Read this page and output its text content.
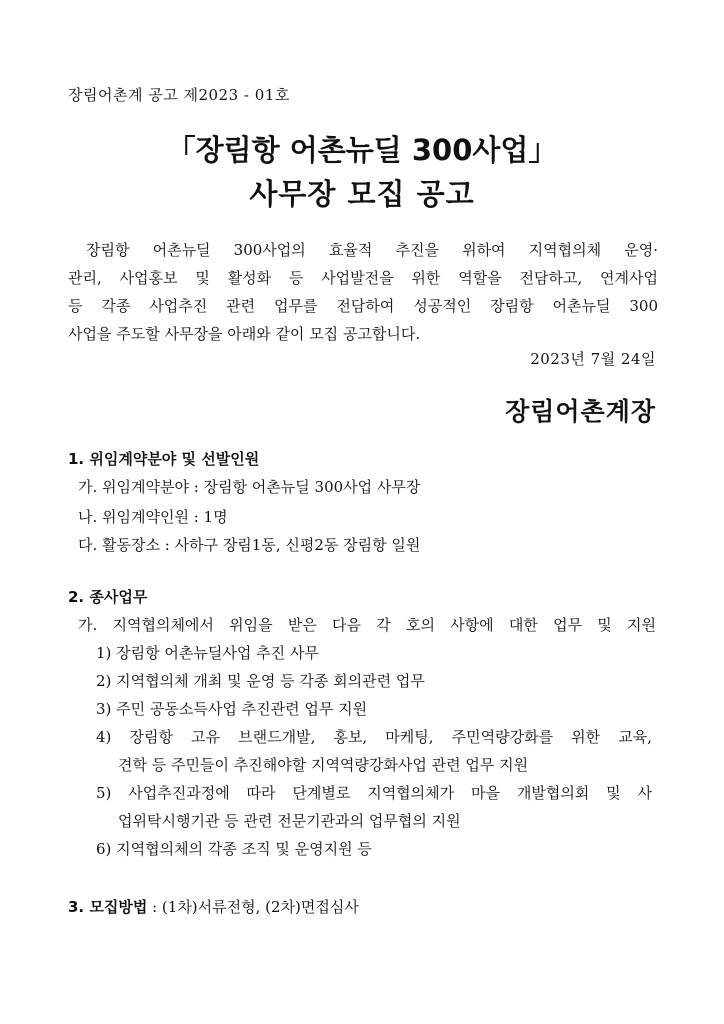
장림어촌계 공고 제2023 - 01호
「장림항 어촌뉴딜 300사업」
사무장 모집 공고
장림항 어촌뉴딜 300사업의 효율적 추진을 위하여 지역협의체 운영·
관리, 사업홍보 및 활성화 등 사업발전을 위한 역할을 전담하고, 연계사업
등 각종 사업추진 관련 업무를 전담하여 성공적인 장림항 어촌뉴딜 300
사업을 주도할 사무장을 아래와 같이 모집 공고합니다.
2023년 7월 24일
장림어촌계장
1. 위임계약분야 및 선발인원
가. 위임계약분야 : 장림항 어촌뉴딜 300사업 사무장
나. 위임계약인원 : 1명
다. 활동장소 : 사하구 장림1동, 신평2동 장림항 일원
2. 종사업무
가. 지역협의체에서 위임을 받은 다음 각 호의 사항에 대한 업무 및 지원
1) 장림항 어촌뉴딜사업 추진 사무
2) 지역협의체 개최 및 운영 등 각종 회의관련 업무
3) 주민 공동소득사업 추진관련 업무 지원
4) 장림항 고유 브랜드개발, 홍보, 마케팅, 주민역량강화를 위한 교육,
견학 등 주민들이 추진해야할 지역역량강화사업 관련 업무 지원
5) 사업추진과정에 따라 단계별로 지역협의체가 마을 개발협의회 및 사
업위탁시행기관 등 관련 전문기관과의 업무협의 지원
6) 지역협의체의 각종 조직 및 운영지원 등
3. 모집방법 : (1차)서류전형, (2차)면접심사
